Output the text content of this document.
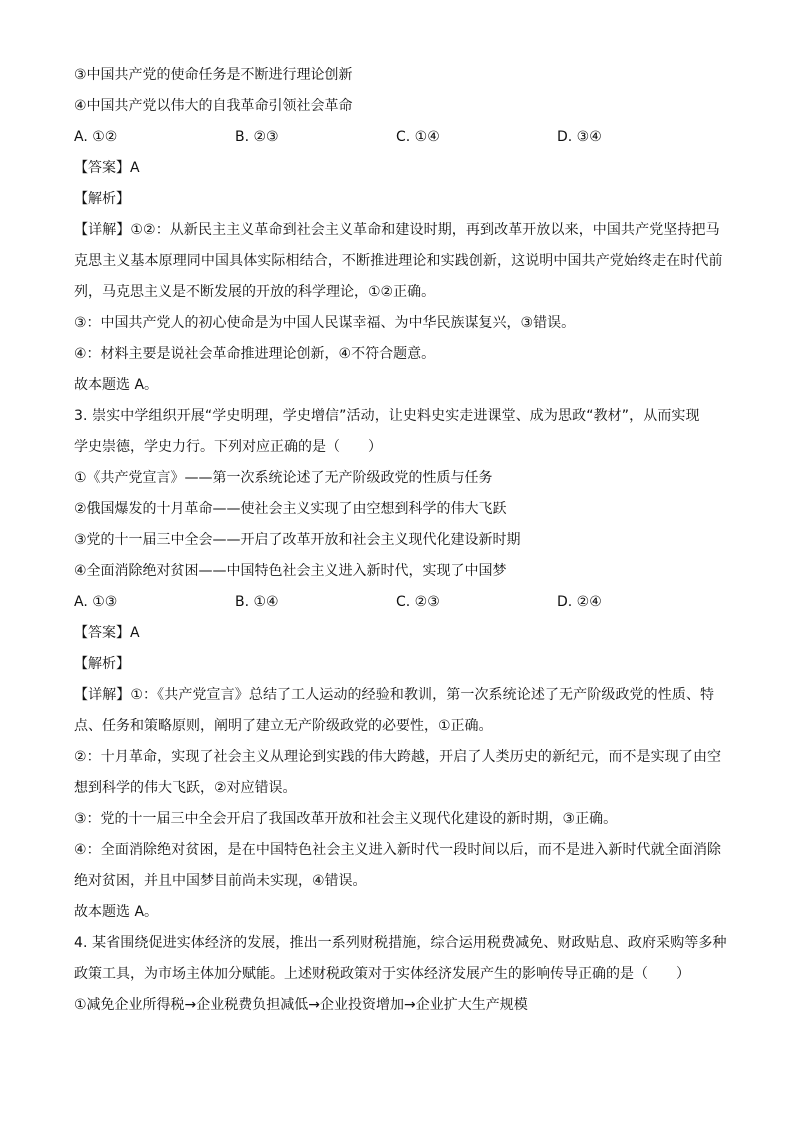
③中国共产党的使命任务是不断进行理论创新
④中国共产党以伟大的自我革命引领社会革命
A. ①②	B. ②③	C. ①④	D. ③④
【答案】A
【解析】
【详解】①②：从新民主主义革命到社会主义革命和建设时期，再到改革开放以来，中国共产党坚持把马
克思主义基本原理同中国具体实际相结合，不断推进理论和实践创新，这说明中国共产党始终走在时代前
列，马克思主义是不断发展的开放的科学理论，①②正确。
③：中国共产党人的初心使命是为中国人民谋幸福、为中华民族谋复兴，③错误。
④：材料主要是说社会革命推进理论创新，④不符合题意。
故本题选 A。
3. 崇实中学组织开展“学史明理，学史增信”活动，让史料史实走进课堂、成为思政“教材”，从而实现
学史崇德，学史力行。下列对应正确的是（　　）
①《共产党宣言》——第一次系统论述了无产阶级政党的性质与任务
②俄国爆发的十月革命——使社会主义实现了由空想到科学的伟大飞跃
③党的十一届三中全会——开启了改革开放和社会主义现代化建设新时期
④全面消除绝对贫困——中国特色社会主义进入新时代，实现了中国梦
A. ①③	B. ①④	C. ②③	D. ②④
【答案】A
【解析】
【详解】①：《共产党宣言》总结了工人运动的经验和教训，第一次系统论述了无产阶级政党的性质、特
点、任务和策略原则，阐明了建立无产阶级政党的必要性，①正确。
②：十月革命，实现了社会主义从理论到实践的伟大跨越，开启了人类历史的新纪元，而不是实现了由空
想到科学的伟大飞跃，②对应错误。
③：党的十一届三中全会开启了我国改革开放和社会主义现代化建设的新时期，③正确。
④：全面消除绝对贫困，是在中国特色社会主义进入新时代一段时间以后，而不是进入新时代就全面消除
绝对贫困，并且中国梦目前尚未实现，④错误。
故本题选 A。
4. 某省围绕促进实体经济的发展，推出一系列财税措施，综合运用税费减免、财政贴息、政府采购等多种
政策工具，为市场主体加分赋能。上述财税政策对于实体经济发展产生的影响传导正确的是（　　）
①减免企业所得税→企业税费负担减低→企业投资增加→企业扩大生产规模
